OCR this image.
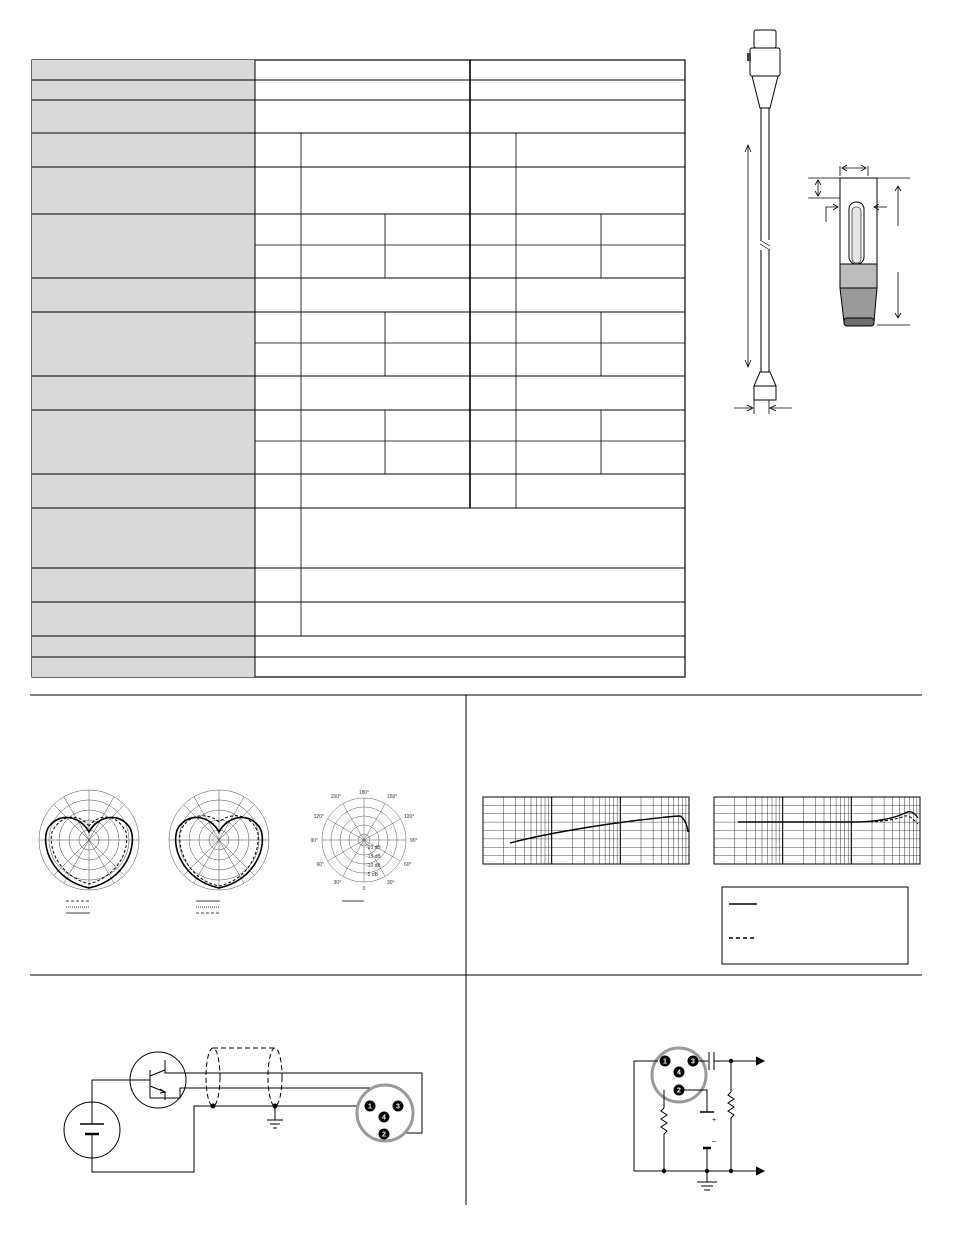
180°
150°
120°
90°
60°
30°
0
30°
60°
90°
120°
150°
-20 dB
-15 dB
-10 dB
-5 dB
1
4
3
2
+
–
1
4
3
2
